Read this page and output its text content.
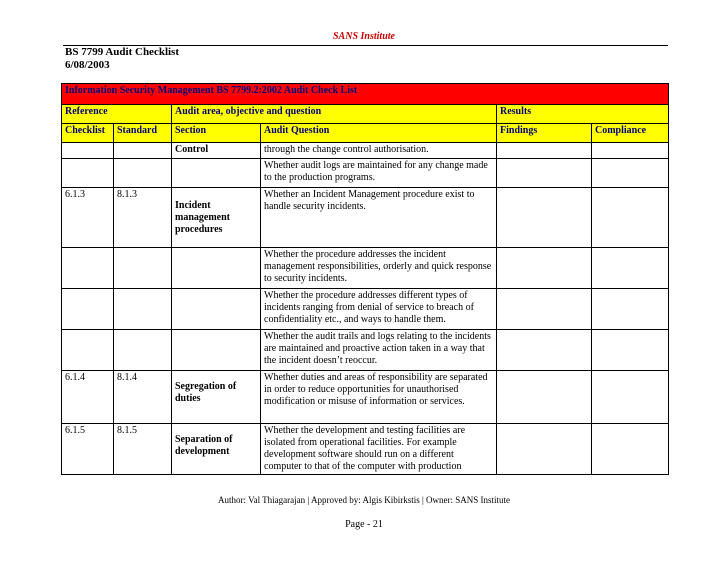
SANS Institute
BS 7799 Audit Checklist
6/08/2003
Information Security Management BS 7799.2:2002 Audit Check List					
Reference		Audit area, objective and question		Results	
Checklist	Standard	Section	Audit Question	Findings	Compliance
		Control	through the change control authorisation.		
			Whether audit logs are maintained for any change made to the production programs.		
6.1.3	8.1.3	Incident management procedures	Whether an Incident Management procedure exist to handle security incidents.		
			Whether the procedure addresses the incident management responsibilities, orderly and quick response to security incidents.		
			Whether the procedure addresses different types of incidents ranging from denial of service to breach of confidentiality etc., and ways to handle them.		
			Whether the audit trails and logs relating to the incidents are maintained and proactive action taken in a way that the incident doesn’t reoccur.		
6.1.4	8.1.4	Segregation of duties	Whether duties and areas of responsibility are separated in order to reduce opportunities for unauthorised modification or misuse of information or services.		
6.1.5	8.1.5	Separation of development	Whether the development and testing facilities are isolated from operational facilities. For example development software should run on a different computer to that of the computer with production		
Author: Val Thiagarajan | Approved by: Algis Kibirkstis | Owner: SANS Institute
Page - 21
